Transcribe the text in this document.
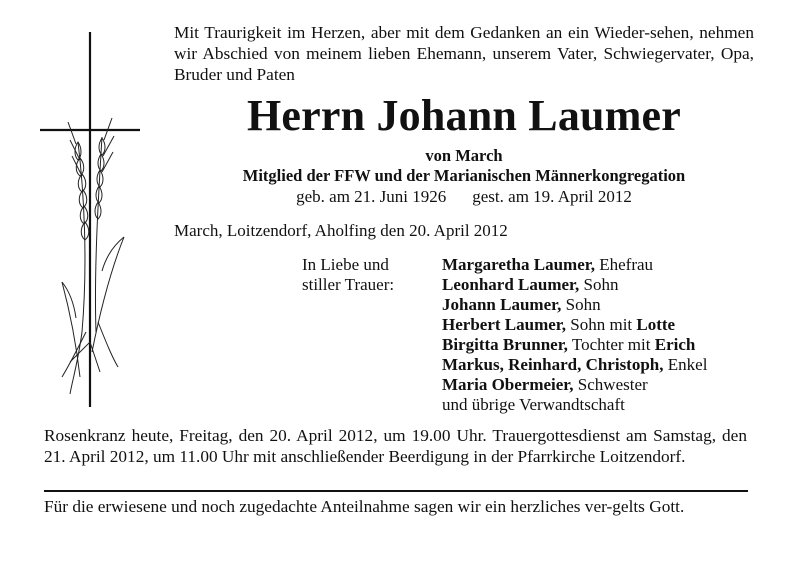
Mit Traurigkeit im Herzen, aber mit dem Gedanken an ein Wieder-sehen, nehmen wir Abschied von meinem lieben Ehemann, unserem Vater, Schwiegervater, Opa, Bruder und Paten
Herrn Johann Laumer
von March
Mitglied der FFW und der Marianischen Männerkongregation
geb. am 21. Juni 1926 gest. am 19. April 2012
March, Loitzendorf, Aholfing den 20. April 2012
In Liebe und
stiller Trauer:
Margaretha Laumer, Ehefrau
Leonhard Laumer, Sohn
Johann Laumer, Sohn
Herbert Laumer, Sohn mit Lotte
Birgitta Brunner, Tochter mit Erich
Markus, Reinhard, Christoph, Enkel
Maria Obermeier, Schwester
und übrige Verwandtschaft
Rosenkranz heute, Freitag, den 20. April 2012, um 19.00 Uhr. Trauergottesdienst am Samstag, den 21. April 2012, um 11.00 Uhr mit anschließender Beerdigung in der Pfarrkirche Loitzendorf.
Für die erwiesene und noch zugedachte Anteilnahme sagen wir ein herzliches ver-gelts Gott.
